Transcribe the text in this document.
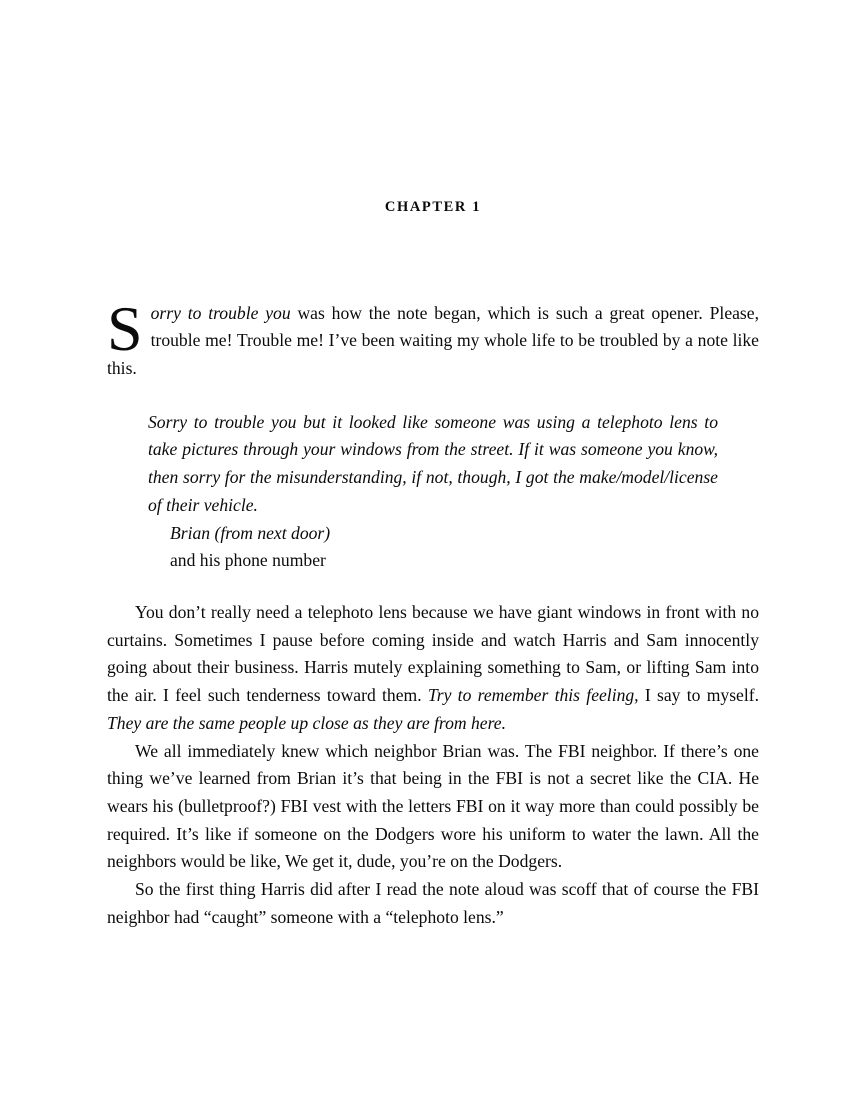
CHAPTER 1

Sorry to trouble you was how the note began, which is such a great opener. Please, trouble me! Trouble me! I’ve been waiting my whole life to be troubled by a note like this.

Sorry to trouble you but it looked like someone was using a telephoto lens to take pictures through your windows from the street. If it was someone you know, then sorry for the misunderstanding, if not, though, I got the make/model/license of their vehicle.
Brian (from next door)
and his phone number

You don’t really need a telephoto lens because we have giant windows in front with no curtains. Sometimes I pause before coming inside and watch Harris and Sam innocently going about their business. Harris mutely explaining something to Sam, or lifting Sam into the air. I feel such tenderness toward them. Try to remember this feeling, I say to myself. They are the same people up close as they are from here.

We all immediately knew which neighbor Brian was. The FBI neighbor. If there’s one thing we’ve learned from Brian it’s that being in the FBI is not a secret like the CIA. He wears his (bulletproof?) FBI vest with the letters FBI on it way more than could possibly be required. It’s like if someone on the Dodgers wore his uniform to water the lawn. All the neighbors would be like, We get it, dude, you’re on the Dodgers.

So the first thing Harris did after I read the note aloud was scoff that of course the FBI neighbor had “caught” someone with a “telephoto lens.”
